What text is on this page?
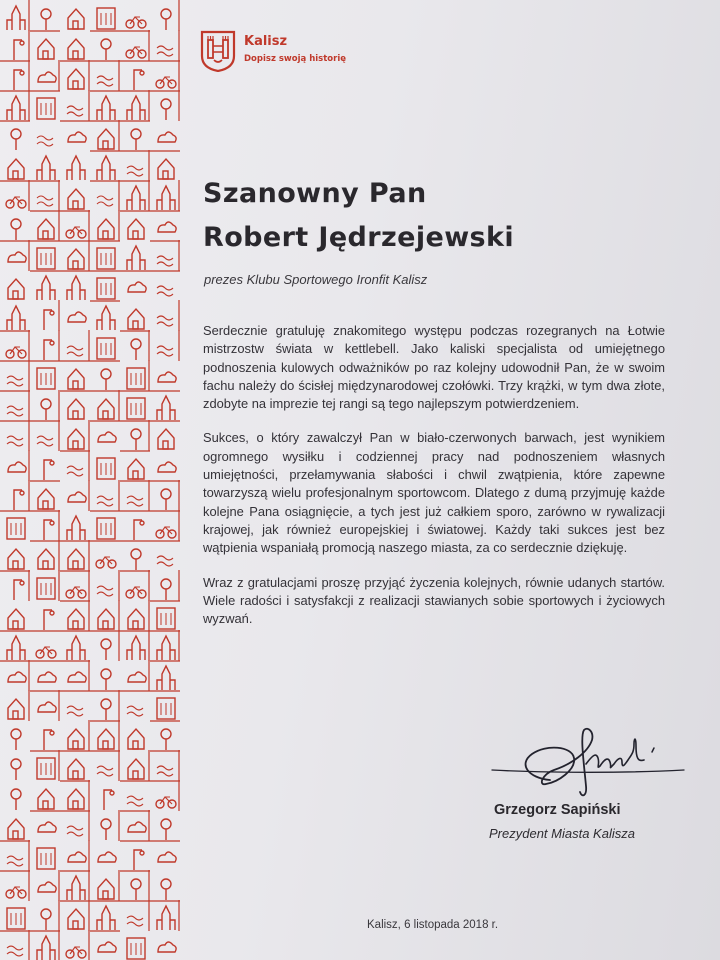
Kalisz
Dopisz swoją historię
Szanowny Pan
Robert Jędrzejewski
prezes Klubu Sportowego Ironfit Kalisz

Serdecznie gratuluję znakomitego występu podczas rozegranych na Łotwie mistrzostw świata w kettlebell. Jako kaliski specjalista od umiejętnego podnoszenia kulowych odważników po raz kolejny udowodnił Pan, że w swoim fachu należy do ścisłej międzynarodowej czołówki. Trzy krążki, w tym dwa złote, zdobyte na imprezie tej rangi są tego najlepszym potwierdzeniem.

Sukces, o który zawalczył Pan w biało-czerwonych barwach, jest wynikiem ogromnego wysiłku i codziennej pracy nad podnoszeniem własnych umiejętności, przełamywania słabości i chwil zwątpienia, które zapewne towarzyszą wielu profesjonalnym sportowcom. Dlatego z dumą przyjmuję każde kolejne Pana osiągnięcie, a tych jest już całkiem sporo, zarówno w rywalizacji krajowej, jak również europejskiej i światowej. Każdy taki sukces jest bez wątpienia wspaniałą promocją naszego miasta, za co serdecznie dziękuję.

Wraz z gratulacjami proszę przyjąć życzenia kolejnych, równie udanych startów. Wiele radości i satysfakcji z realizacji stawianych sobie sportowych i życiowych wyzwań.

Grzegorz Sapiński
Prezydent Miasta Kalisza
Kalisz, 6 listopada 2018 r.
